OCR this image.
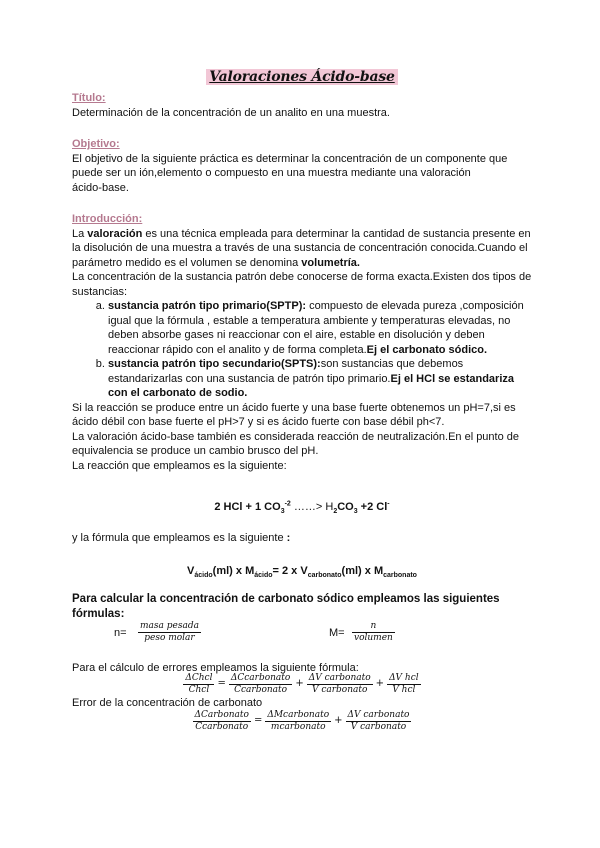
Valoraciones Ácido-base

Título:

Determinación de la concentración de un analito en una muestra.

Objetivo:

El objetivo de la siguiente práctica es determinar la concentración de un componente que

puede ser un ión,elemento o compuesto en una muestra mediante una valoración

ácido-base.

Introducción:

La valoración es una técnica empleada para determinar la cantidad de sustancia presente en la disolución de una muestra a través de una sustancia de concentración conocida.Cuando el parámetro medido es el volumen se denomina volumetría.

La concentración de la sustancia patrón debe conocerse de forma exacta.Existen dos tipos de sustancias:

a. sustancia patrón tipo primario(SPTP): compuesto de elevada pureza ,composición igual que la fórmula , estable a temperatura ambiente y temperaturas elevadas, no deben absorbe gases ni reaccionar con el aire, estable en disolución y deben reaccionar rápido con el analito y de forma completa.Ej el carbonato sódico.
b. sustancia patrón tipo secundario(SPTS):son sustancias que debemos estandarizarlas con una sustancia de patrón tipo primario.Ej el HCl se estandariza con el carbonato de sodio.

Si la reacción se produce entre un ácido fuerte y una base fuerte obtenemos un pH=7,si es ácido débil con base fuerte el pH>7 y si es ácido fuerte con base débil ph<7.

La valoración ácido-base también es considerada reacción de neutralización.En el punto de equivalencia se produce un cambio brusco del pH.

La reacción que empleamos es la siguiente:

2 HCl + 1 $CO_3^{-2}$ ……> $H_2CO_3 +2$ Cl-
y la fórmula que empleamos es la siguiente :
$V_{ácido}(ml)$ x $M_{ácido}= 2$ x $V_{carbonato}(ml)$ x $M_{carbonato}$
Para calcular la concentración de carbonato sódico empleamos las siguientes fórmulas:
n=
masa pesada
peso molar	M=
n
volumen
Para el cálculo de errores empleamos la siguiente fórmula:
$\frac{\text{ΔChcl}}{\text{Chcl}} = \frac{\text{ΔCcarbonato}}{\text{Ccarbonato}} + \frac{\text{ΔV carbonato}}{\text{V carbonato}} + \frac{\text{ΔV hcl}}{\text{V hcl}}$
Error de la concentración de carbonato
$\frac{\text{ΔCarbonato}}{\text{Ccarbonato}} = \frac{\text{ΔMcarbonato}}{\text{mcarbonato}} + \frac{\text{ΔV carbonato}}{\text{V carbonato}}$
